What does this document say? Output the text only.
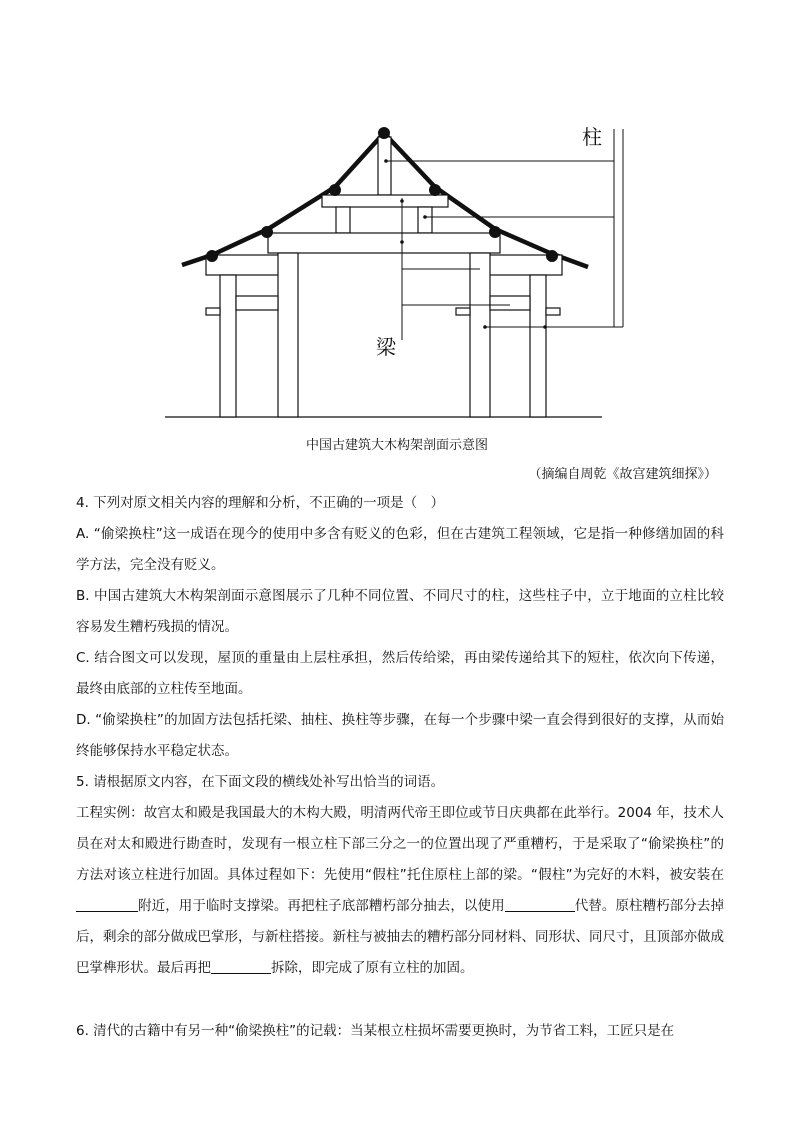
柱
梁
中国古建筑大木构架剖面示意图
（摘编自周乾《故宫建筑细探》）

4. 下列对原文相关内容的理解和分析，不正确的一项是（　）

A. “偷梁换柱”这一成语在现今的使用中多含有贬义的色彩，但在古建筑工程领域，它是指一种修缮加固的科学方法，完全没有贬义。

B. 中国古建筑大木构架剖面示意图展示了几种不同位置、不同尺寸的柱，这些柱子中，立于地面的立柱比较容易发生糟朽残损的情况。

C. 结合图文可以发现，屋顶的重量由上层柱承担，然后传给梁，再由梁传递给其下的短柱，依次向下传递，最终由底部的立柱传至地面。

D. “偷梁换柱”的加固方法包括托梁、抽柱、换柱等步骤，在每一个步骤中梁一直会得到很好的支撑，从而始终能够保持水平稳定状态。

5. 请根据原文内容，在下面文段的横线处补写出恰当的词语。

工程实例：故宫太和殿是我国最大的木构大殿，明清两代帝王即位或节日庆典都在此举行。2004 年，技术人员在对太和殿进行勘查时，发现有一根立柱下部三分之一的位置出现了严重糟朽，于是采取了“偷梁换柱”的方法对该立柱进行加固。具体过程如下：先使用“假柱”托住原柱上部的梁。“假柱”为完好的木料，被安装在附近，用于临时支撑梁。再把柱子底部糟朽部分抽去，以使用	代替。原柱糟朽部分去掉后，剩余的部分做成巴掌形，与新柱搭接。新柱与被抽去的糟朽部分同材料、同形状、同尺寸，且顶部亦做成巴掌榫形状。最后再把	拆除，即完成了原有立柱的加固。

6. 清代的古籍中有另一种“偷梁换柱”的记载：当某根立柱损坏需要更换时，为节省工料，工匠只是在
